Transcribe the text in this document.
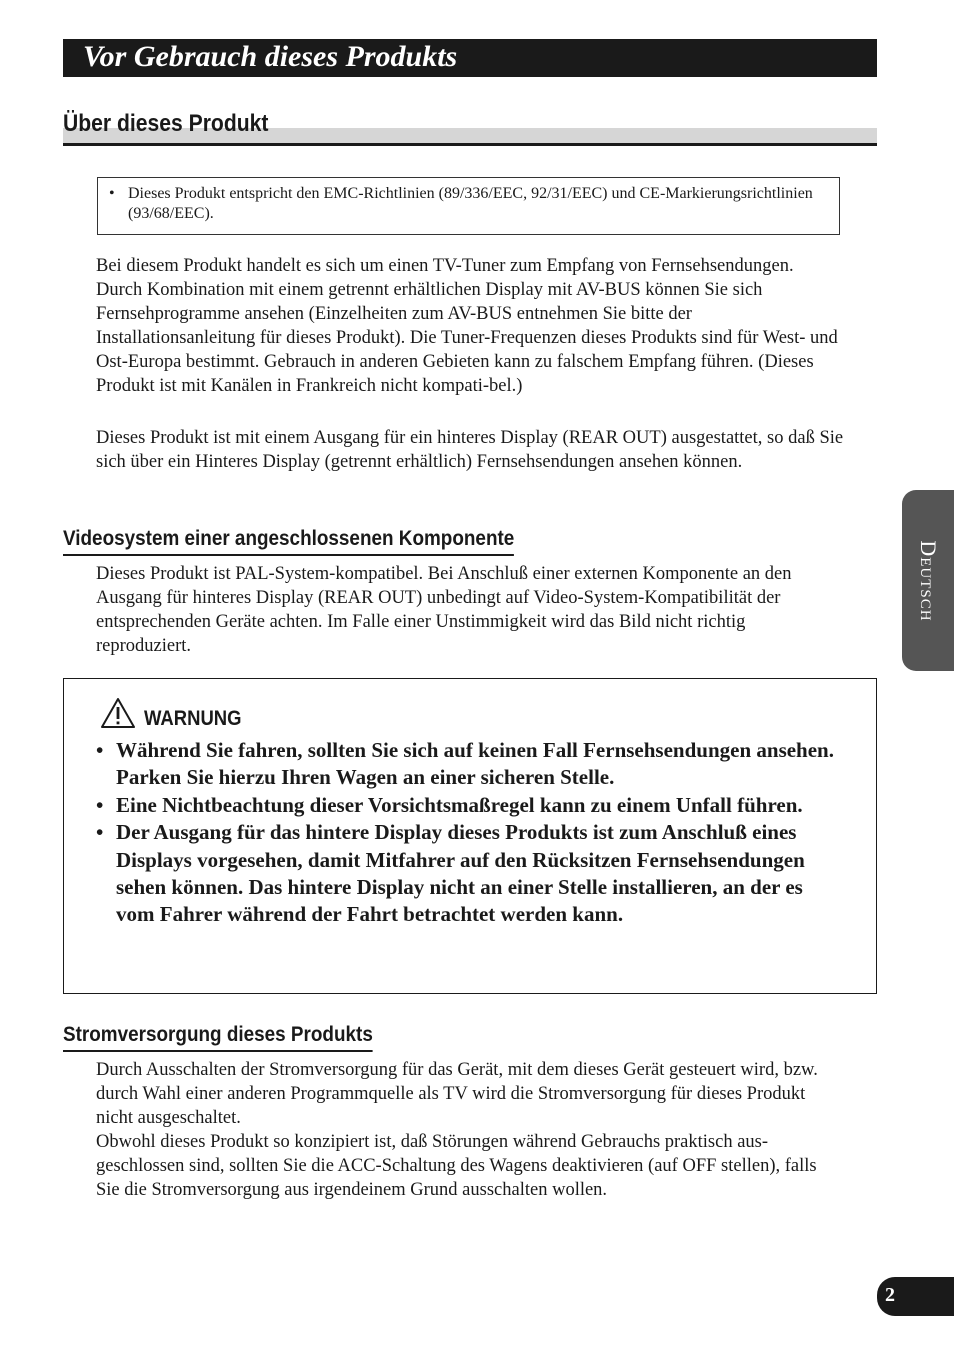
Vor Gebrauch dieses Produkts
Über dieses Produkt
• Dieses Produkt entspricht den EMC-Richtlinien (89/336/EEC, 92/31/EEC) und CE-Markierungsrichtlinien (93/68/EEC).

Bei diesem Produkt handelt es sich um einen TV-Tuner zum Empfang von Fernsehsendungen. Durch Kombination mit einem getrennt erhältlichen Display mit AV-BUS können Sie sich Fernsehprogramme ansehen (Einzelheiten zum AV-BUS entnehmen Sie bitte der Installationsanleitung für dieses Produkt). Die Tuner-Frequenzen dieses Produkts sind für West- und Ost-Europa bestimmt. Gebrauch in anderen Gebieten kann zu falschem Empfang führen. (Dieses Produkt ist mit Kanälen in Frankreich nicht kompati-bel.)

Dieses Produkt ist mit einem Ausgang für ein hinteres Display (REAR OUT) ausgestattet, so daß Sie sich über ein Hinteres Display (getrennt erhältlich) Fernsehsendungen ansehen können.

Videosystem einer angeschlossenen Komponente

Dieses Produkt ist PAL-System-kompatibel. Bei Anschluß einer externen Komponente an den Ausgang für hinteres Display (REAR OUT) unbedingt auf Video-System-Kompatibilität der entsprechenden Geräte achten. Im Falle einer Unstimmigkeit wird das Bild nicht richtig reproduziert.

WARNUNG
• Während Sie fahren, sollten Sie sich auf keinen Fall Fernsehsendungen ansehen. Parken Sie hierzu Ihren Wagen an einer sicheren Stelle.
• Eine Nichtbeachtung dieser Vorsichtsmaßregel kann zu einem Unfall führen.
• Der Ausgang für das hintere Display dieses Produkts ist zum Anschluß eines Displays vorgesehen, damit Mitfahrer auf den Rücksitzen Fernsehsendungen sehen können. Das hintere Display nicht an einer Stelle installieren, an der es vom Fahrer während der Fahrt betrachtet werden kann.
Stromversorgung dieses Produkts

Durch Ausschalten der Stromversorgung für das Gerät, mit dem dieses Gerät gesteuert wird, bzw. durch Wahl einer anderen Programmquelle als TV wird die Stromversorgung für dieses Produkt nicht ausgeschaltet.

Obwohl dieses Produkt so konzipiert ist, daß Störungen während Gebrauchs praktisch aus-geschlossen sind, sollten Sie die ACC-Schaltung des Wagens deaktivieren (auf OFF stellen), falls Sie die Stromversorgung aus irgendeinem Grund ausschalten wollen.

Deutsch
2
